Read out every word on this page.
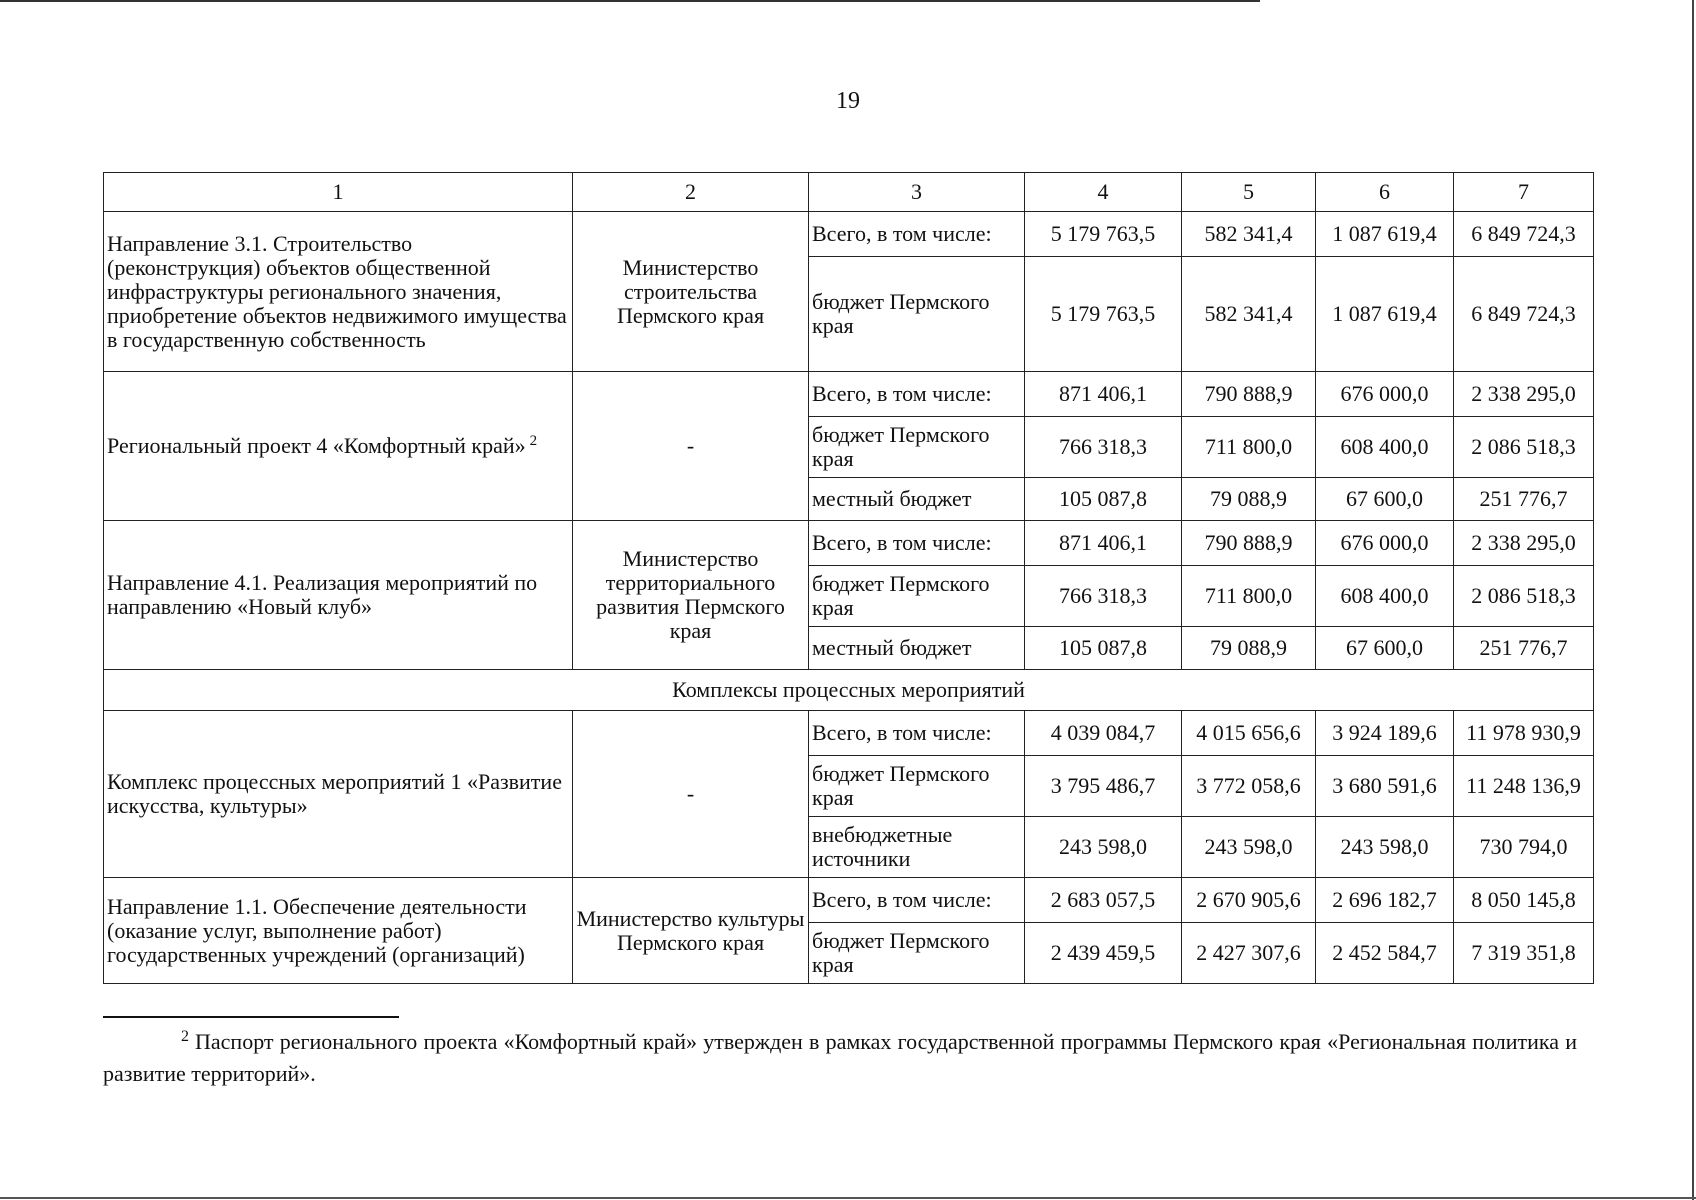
19
1	2	3	4	5	6	7
Направление 3.1. Строительство (реконструкция) объектов общественной инфраструктуры регионального значения, приобретение объектов недвижимого имущества в государственную собственность	Министерство строительства Пермского края	Всего, в том числе:	5 179 763,5	582 341,4	1 087 619,4	6 849 724,3
		бюджет Пермского края	5 179 763,5	582 341,4	1 087 619,4	6 849 724,3
Региональный проект 4 «Комфортный край» $^2$	-	Всего, в том числе:	871 406,1	790 888,9	676 000,0	2 338 295,0
		бюджет Пермского края	766 318,3	711 800,0	608 400,0	2 086 518,3
		местный бюджет	105 087,8	79 088,9	67 600,0	251 776,7
Направление 4.1. Реализация мероприятий по направлению «Новый клуб»	Министерство территориального развития Пермского края	Всего, в том числе:	871 406,1	790 888,9	676 000,0	2 338 295,0
		бюджет Пермского края	766 318,3	711 800,0	608 400,0	2 086 518,3
		местный бюджет	105 087,8	79 088,9	67 600,0	251 776,7
Комплексы процессных мероприятий						
Комплекс процессных мероприятий 1 «Развитие искусства, культуры»	-	Всего, в том числе:	4 039 084,7	4 015 656,6	3 924 189,6	11 978 930,9
		бюджет Пермского края	3 795 486,7	3 772 058,6	3 680 591,6	11 248 136,9
		внебюджетные источники	243 598,0	243 598,0	243 598,0	730 794,0
Направление 1.1. Обеспечение деятельности (оказание услуг, выполнение работ) государственных учреждений (организаций)	Министерство культуры Пермского края	Всего, в том числе:	2 683 057,5	2 670 905,6	2 696 182,7	8 050 145,8
		бюджет Пермского края	2 439 459,5	2 427 307,6	2 452 584,7	7 319 351,8
$^2$ Паспорт регионального проекта «Комфортный край» утвержден в рамках государственной программы Пермского края «Региональная политика и развитие территорий».
